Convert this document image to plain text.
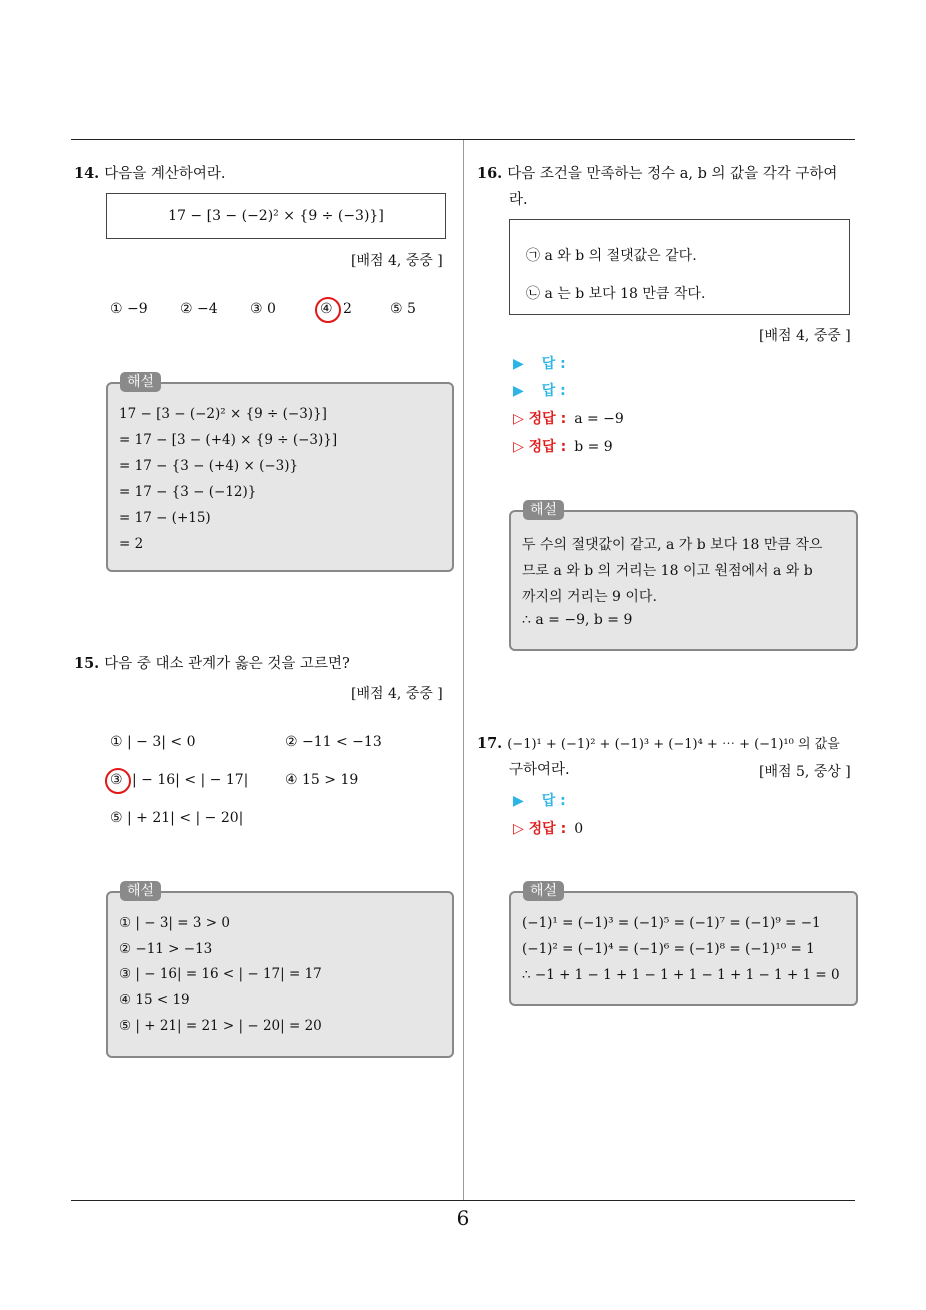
14. 다음을 계산하여라.
17 − [3 − (−2)² × {9 ÷ (−3)}]
[배점 4, 중중 ]
① −9 ② −4 ③ 0	④ 2	⑤ 5
해설
17 − [3 − (−2)² × {9 ÷ (−3)}]
= 17 − [3 − (+4) × {9 ÷ (−3)}]
= 17 − {3 − (+4) × (−3)}
= 17 − {3 − (−12)}
= 17 − (+15)
= 2
15. 다음 중 대소 관계가 옳은 것을 고르면?
[배점 4, 중중 ]
① | − 3| < 0	② −11 < −13
③ | − 16| < | − 17|	④ 15 > 19
⑤ | + 21| < | − 20|
해설
① | − 3| = 3 > 0
② −11 > −13
③ | − 16| = 16 < | − 17| = 17
④ 15 < 19
⑤ | + 21| = 21 > | − 20| = 20
16. 다음 조건을 만족하는 정수 a, b 의 값을 각각 구하여
라.
㉠ a 와 b 의 절댓값은 같다.
㉡ a 는 b 보다 18 만큼 작다.
[배점 4, 중중 ]
▶ 답 :
▶ 답 :
▷ 정답 : a = −9
▷ 정답 : b = 9
해설
두 수의 절댓값이 같고, a 가 b 보다 18 만큼 작으
므로 a 와 b 의 거리는 18 이고 원점에서 a 와 b
까지의 거리는 9 이다.
∴ a = −9, b = 9
17. (−1)¹ + (−1)² + (−1)³ + (−1)⁴ + ⋯ + (−1)¹⁰ 의 값을
구하여라.	[배점 5, 중상 ]
▶ 답 :
▷ 정답 : 0
해설
(−1)¹ = (−1)³ = (−1)⁵ = (−1)⁷ = (−1)⁹ = −1
(−1)² = (−1)⁴ = (−1)⁶ = (−1)⁸ = (−1)¹⁰ = 1
∴ −1 + 1 − 1 + 1 − 1 + 1 − 1 + 1 − 1 + 1 = 0
6
